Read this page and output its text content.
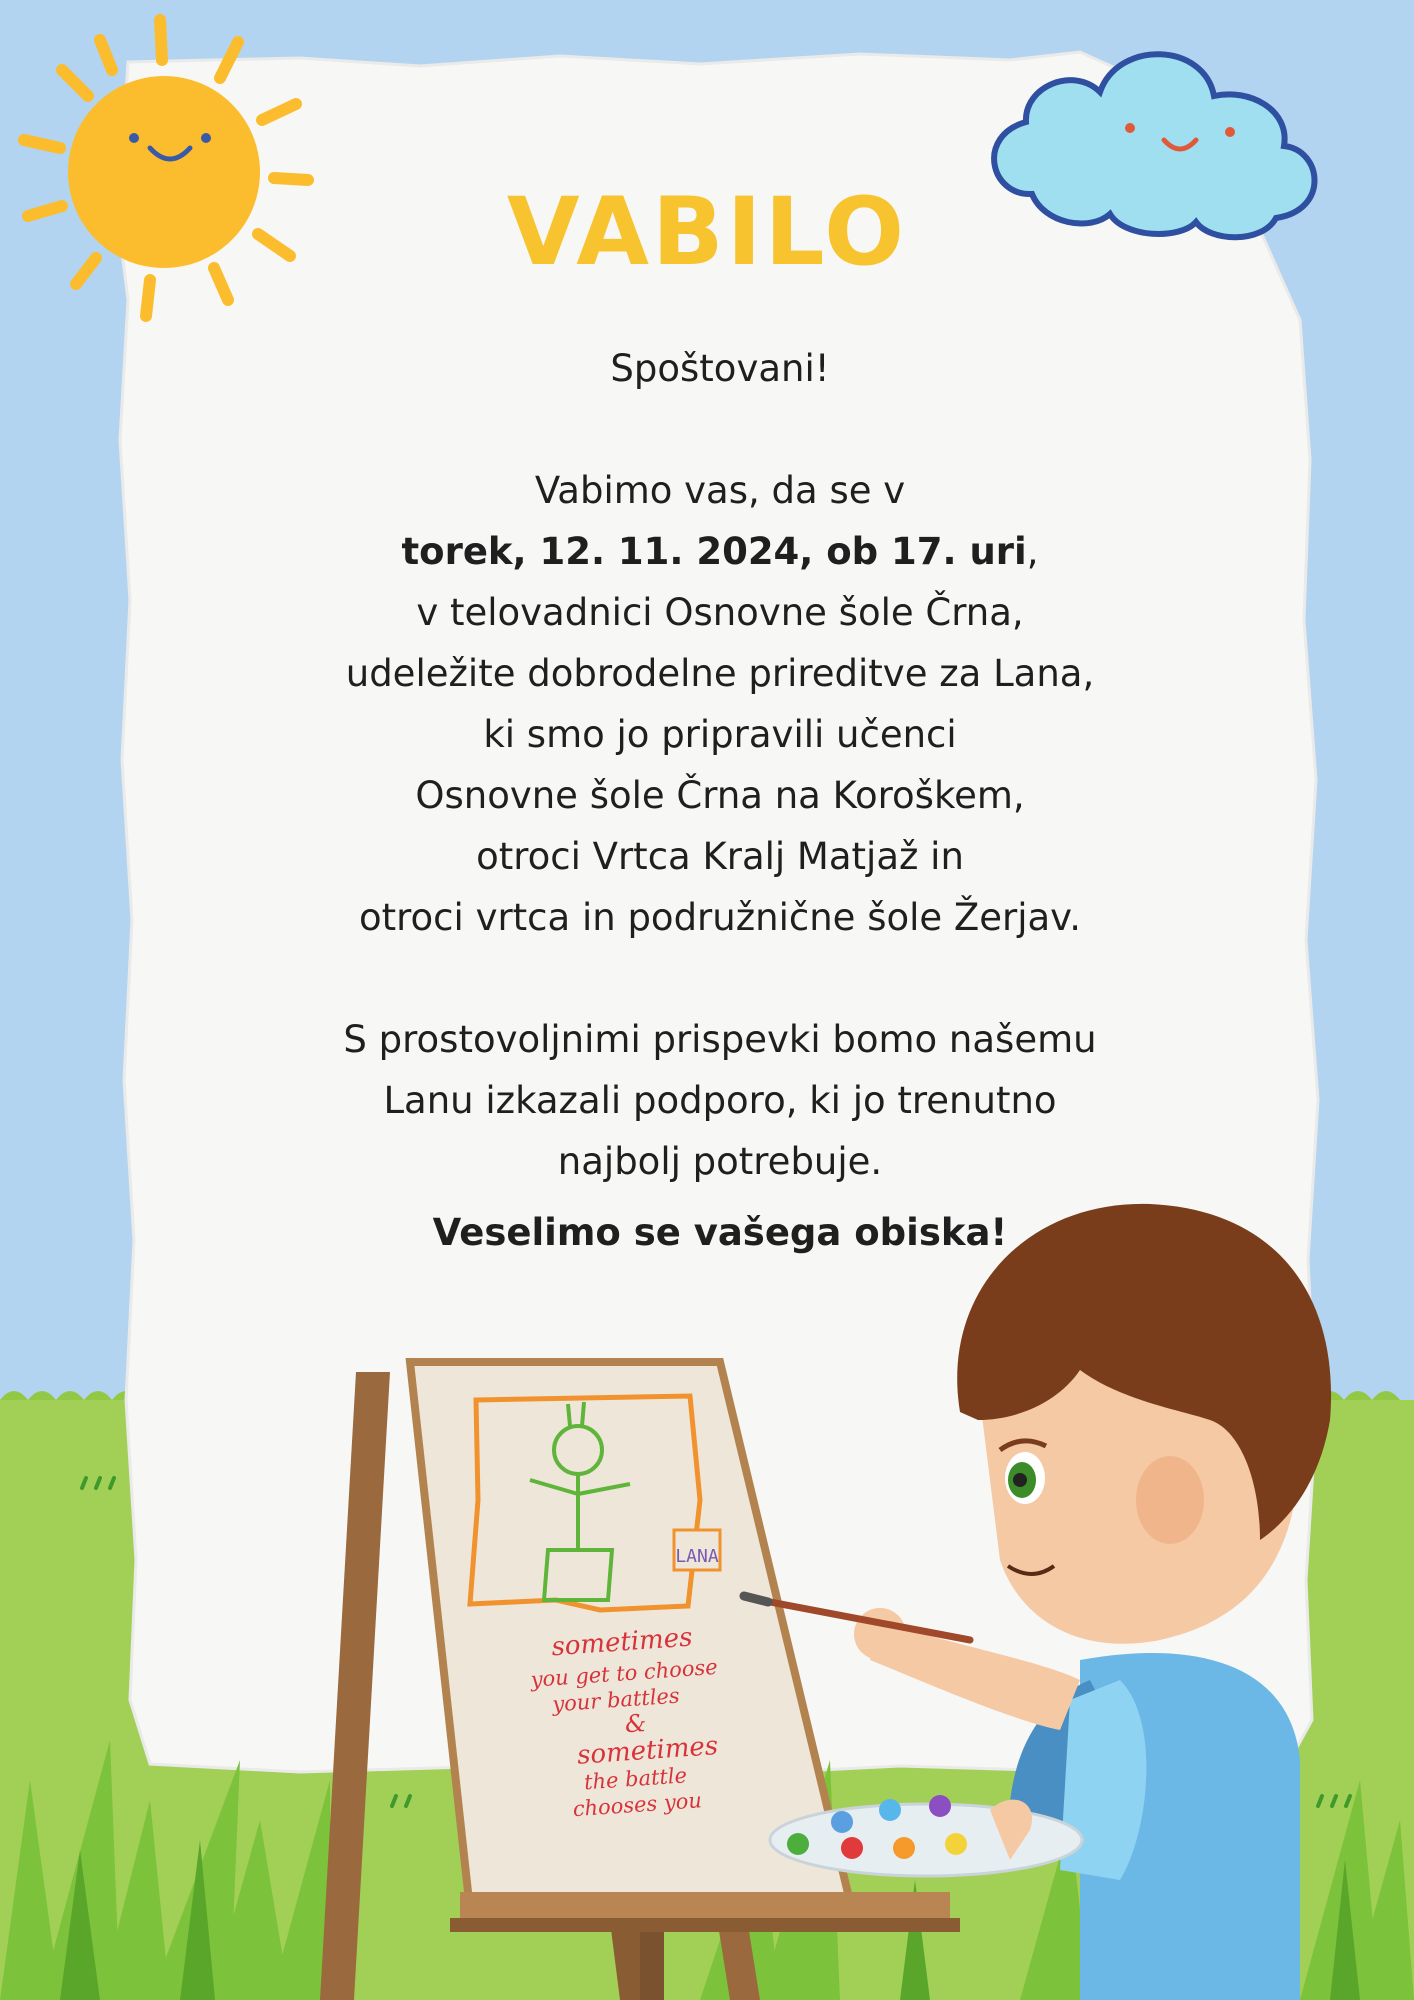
LANA
sometimes
you get to choose
your battles
&
sometimes
the battle
chooses you
VABILO

Spoštovani!

Vabimo vas, da se v

torek, 12. 11. 2024, ob 17. uri,

v telovadnici Osnovne šole Črna,

udeležite dobrodelne prireditve za Lana,

ki smo jo pripravili učenci

Osnovne šole Črna na Koroškem,

otroci Vrtca Kralj Matjaž in

otroci vrtca in podružnične šole Žerjav.

S prostovoljnimi prispevki bomo našemu

Lanu izkazali podporo, ki jo trenutno

najbolj potrebuje.

Veselimo se vašega obiska!
